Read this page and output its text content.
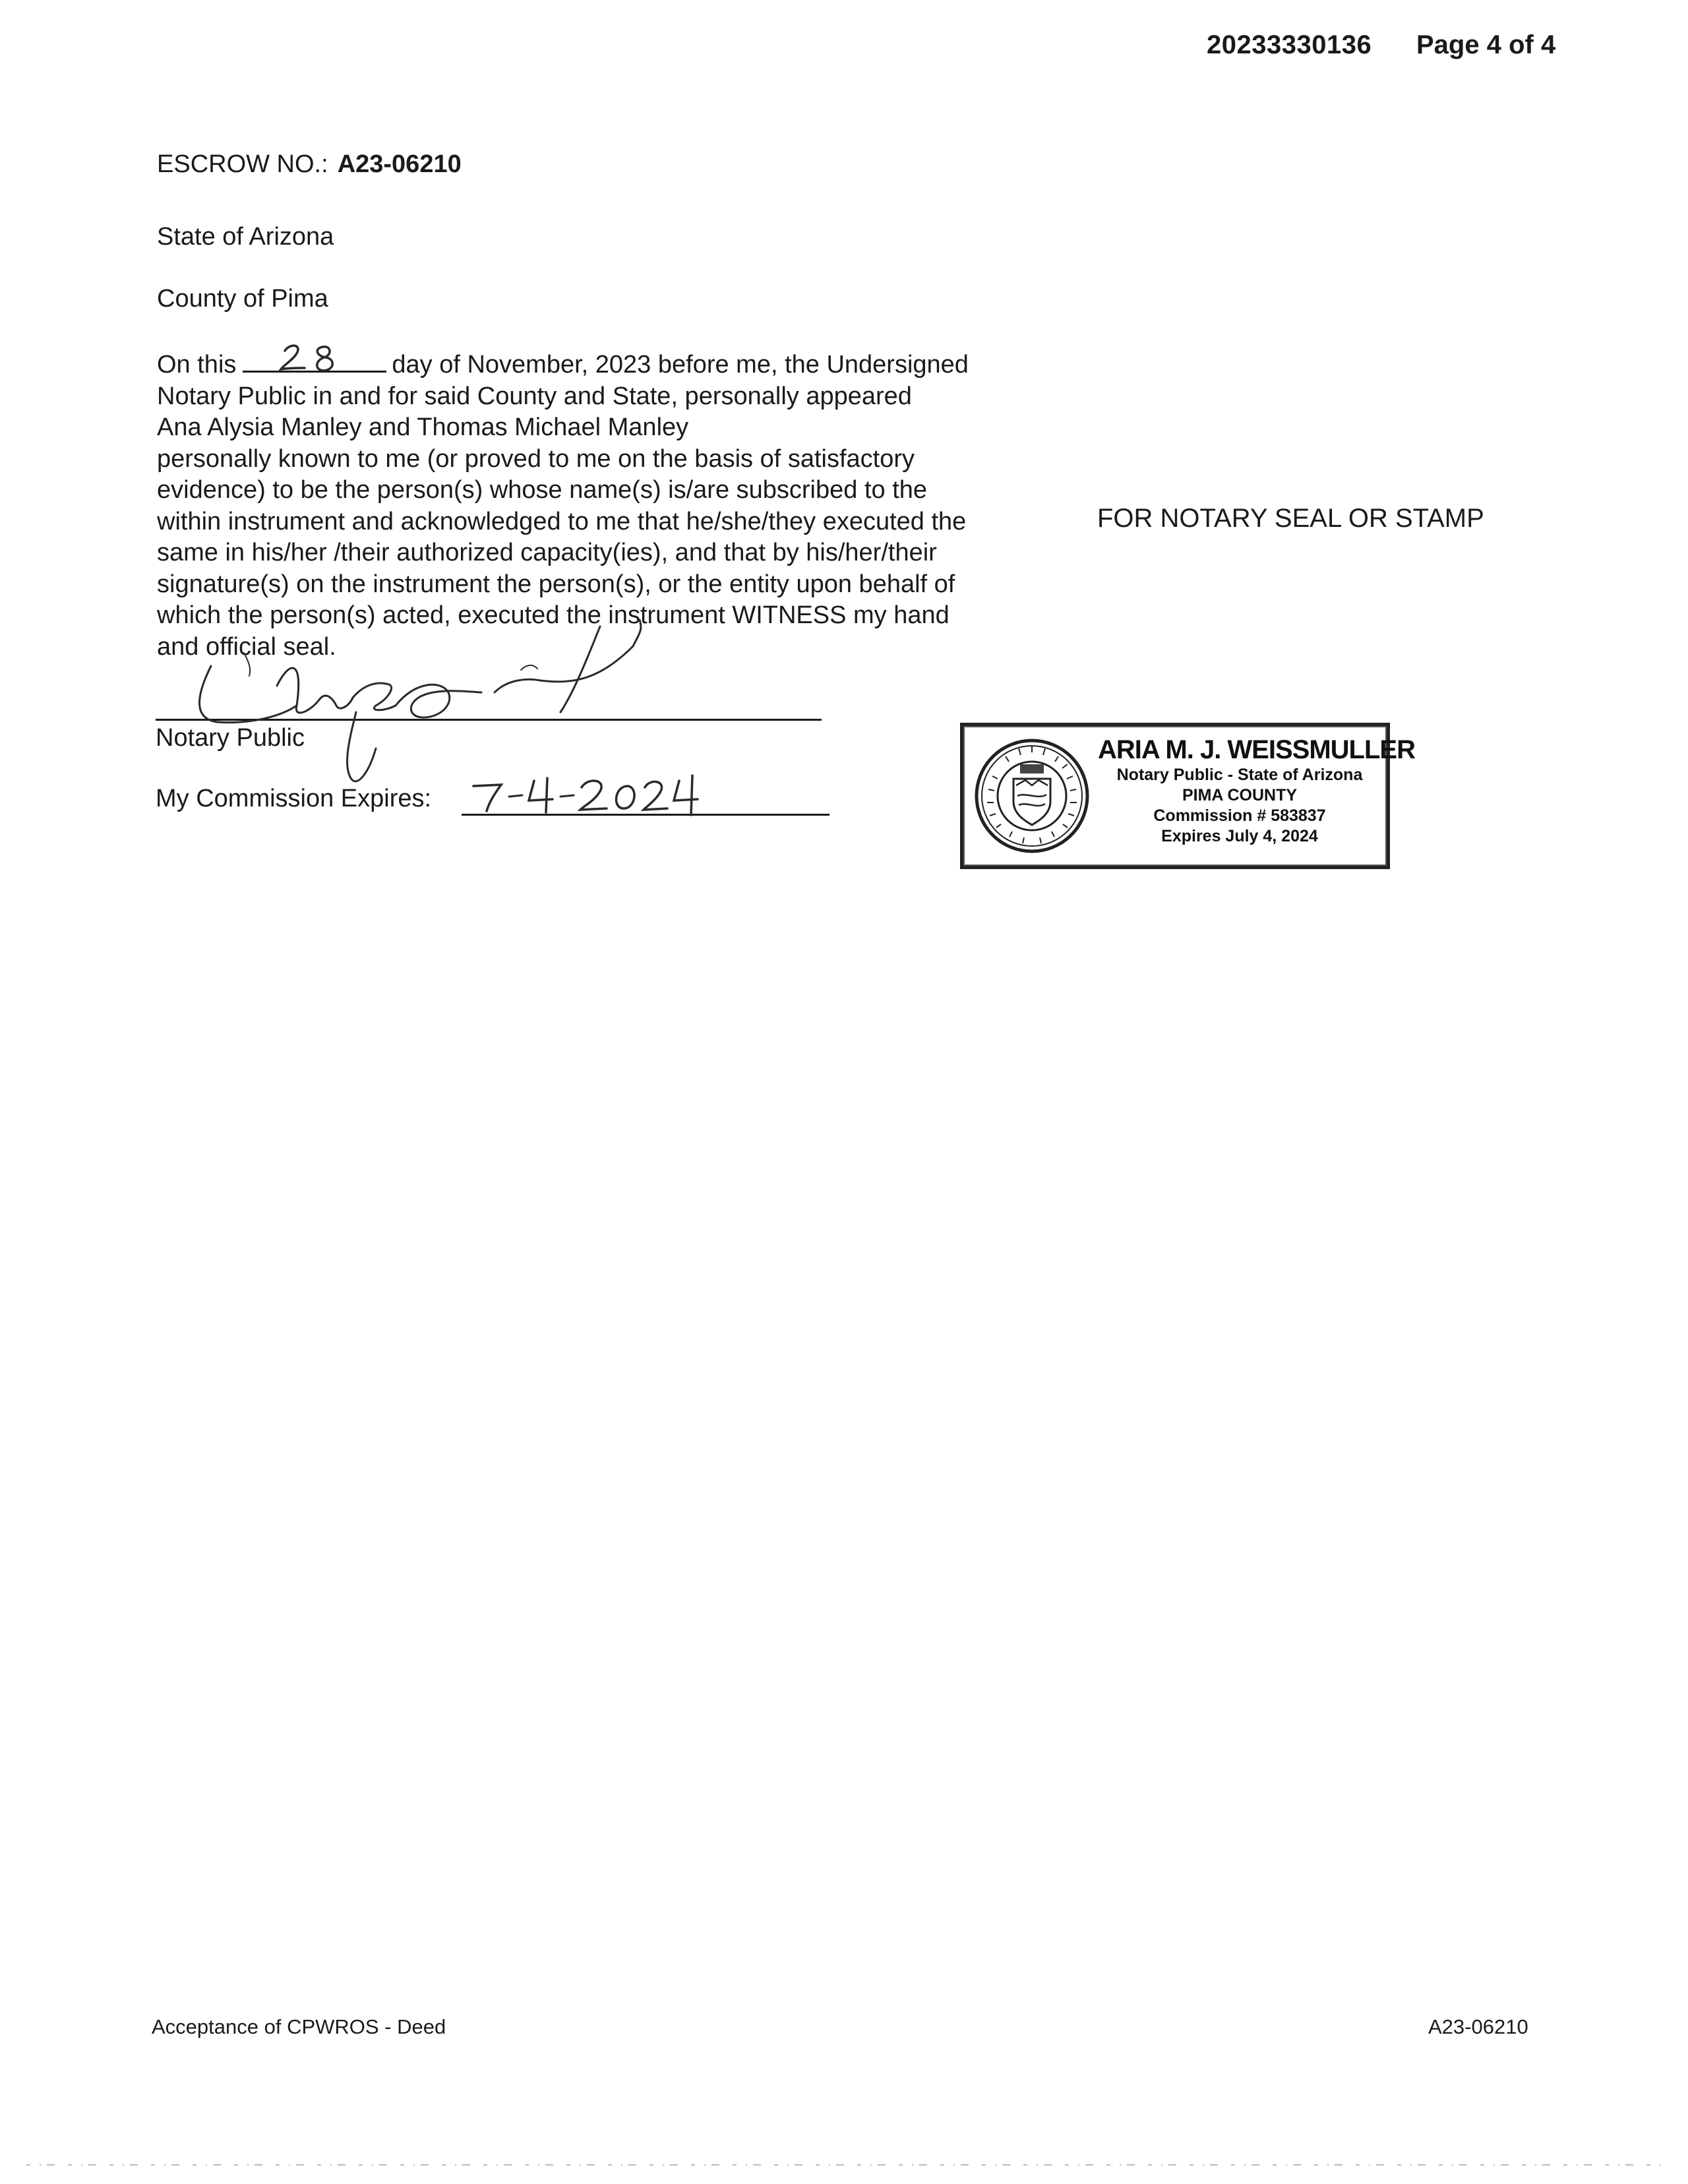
20233330136 Page 4 of 4
ESCROW NO.: A23-06210
State of Arizona
County of Pima
On this	day of November, 2023 before me, the Undersigned
Notary Public in and for said County and State, personally appeared
Ana Alysia Manley and Thomas Michael Manley
personally known to me (or proved to me on the basis of satisfactory
evidence) to be the person(s) whose name(s) is/are subscribed to the
within instrument and acknowledged to me that he/she/they executed the
same in his/her /their authorized capacity(ies), and that by his/her/their
signature(s) on the instrument the person(s), or the entity upon behalf of
which the person(s) acted, executed the instrument WITNESS my hand
and official seal.
FOR NOTARY SEAL OR STAMP
Notary Public
My Commission Expires:
ARIA M. J. WEISSMULLER
Notary Public - State of Arizona
PIMA COUNTY
Commission # 583837
Expires July 4, 2024
Acceptance of CPWROS - Deed	A23-06210
